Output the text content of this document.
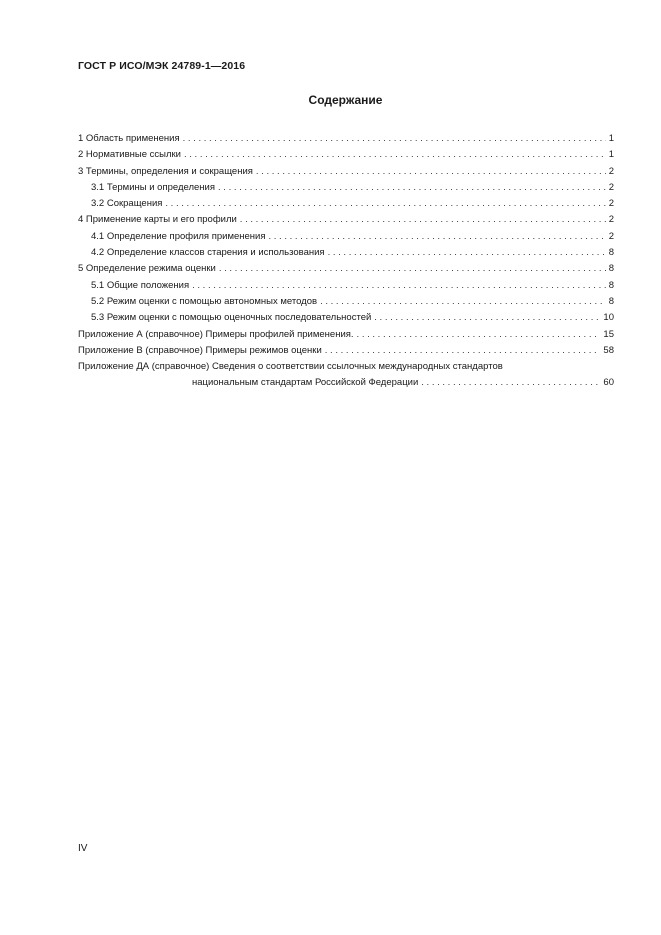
ГОСТ Р ИСО/МЭК 24789-1—2016
Содержание
1 Область применения . . .	1
2 Нормативные ссылки . . .	1
3 Термины, определения и сокращения . . .	2
3.1 Термины и определения . . .	2
3.2 Сокращения . . .	2
4 Применение карты и его профили . . .	2
4.1 Определение профиля применения . . .	2
4.2 Определение классов старения и использования . . .	8
5 Определение режима оценки . . .	8
5.1 Общие положения . . .	8
5.2 Режим оценки с помощью автономных методов . . .	8
5.3 Режим оценки с помощью оценочных последовательностей . . .	10
Приложение А (справочное) Примеры профилей применения. . . .	15
Приложение В (справочное) Примеры режимов оценки . . .	58
Приложение ДА (справочное) Сведения о соответствии ссылочных международных стандартов
национальным стандартам Российской Федерации . . .	60
IV
